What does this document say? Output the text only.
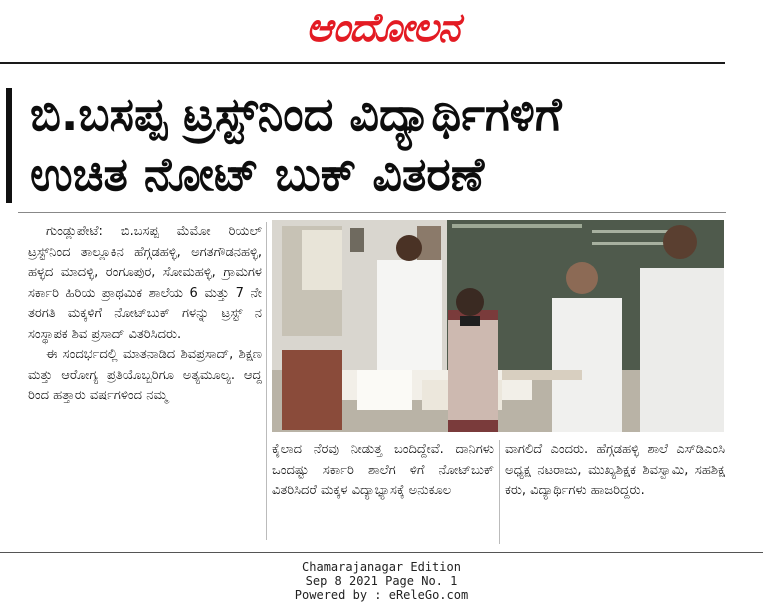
ಆಂದೋಲನ
ಬಿ.ಬಸಪ್ಪ ಟ್ರಸ್ಟ್‌ನಿಂದ ವಿದ್ಯಾರ್ಥಿಗಳಿಗೆ
ಉಚಿತ ನೋಟ್ ಬುಕ್ ವಿತರಣೆ

ಗುಂಡ್ಲುಪೇಟೆ: ಬಿ.ಬಸಪ್ಪ ಮೆಮೋ ರಿಯಲ್ ಟ್ರಸ್ಟ್‌ನಿಂದ ತಾಲ್ಲೂಕಿನ ಹೆಗ್ಗಡಹಳ್ಳಿ, ಅಗತಗೌಡನಹಳ್ಳಿ, ಹಳ್ಳದ ಮಾದಳ್ಳಿ, ರಂಗೂಪುರ, ಸೋಮಹಳ್ಳಿ, ಗ್ರಾಮಗಳ ಸರ್ಕಾರಿ ಹಿರಿಯ ಪ್ರಾಥಮಿಕ ಶಾಲೆಯ 6 ಮತ್ತು 7 ನೇ ತರಗತಿ ಮಕ್ಕಳಿಗೆ ನೋಟ್‌ಬುಕ್ ಗಳನ್ನು ಟ್ರಸ್ಟ್ ನ ಸಂಸ್ಥಾಪಕ ಶಿವ ಪ್ರಸಾದ್ ವಿತರಿಸಿದರು.

ಈ ಸಂದರ್ಭದಲ್ಲಿ ಮಾತನಾಡಿದ ಶಿವಪ್ರಸಾದ್, ಶಿಕ್ಷಣ ಮತ್ತು ಆರೋಗ್ಯ ಪ್ರತಿಯೊಬ್ಬರಿಗೂ ಅತ್ಯಮೂಲ್ಯ. ಆದ್ದ ರಿಂದ ಹತ್ತಾರು ವರ್ಷಗಳಿಂದ ನಮ್ಮ

ಕೈಲಾದ ನೆರವು ನೀಡುತ್ತ ಬಂದಿದ್ದೇವೆ. ದಾನಿಗಳು ಒಂದಷ್ಟು ಸರ್ಕಾರಿ ಶಾಲೆಗ ಳಿಗೆ ನೋಟ್‌ಬುಕ್ ವಿತರಿಸಿದರೆ ಮಕ್ಕಳ ವಿದ್ಯಾಭ್ಯಾಸಕ್ಕೆ ಅನುಕೂಲ

ವಾಗಲಿದೆ ಎಂದರು. ಹೆಗ್ಗಡಹಳ್ಳಿ ಶಾಲೆ ಎಸ್‌ಡಿಎಂಸಿ ಅಧ್ಯಕ್ಷ ನಟರಾಜು, ಮುಖ್ಯಶಿಕ್ಷಕ ಶಿವಸ್ವಾಮಿ, ಸಹಶಿಕ್ಷ ಕರು, ವಿದ್ಯಾರ್ಥಿಗಳು ಹಾಜರಿದ್ದರು.

Chamarajanagar Edition
Sep 8 2021 Page No. 1
Powered by : eReleGo.com
